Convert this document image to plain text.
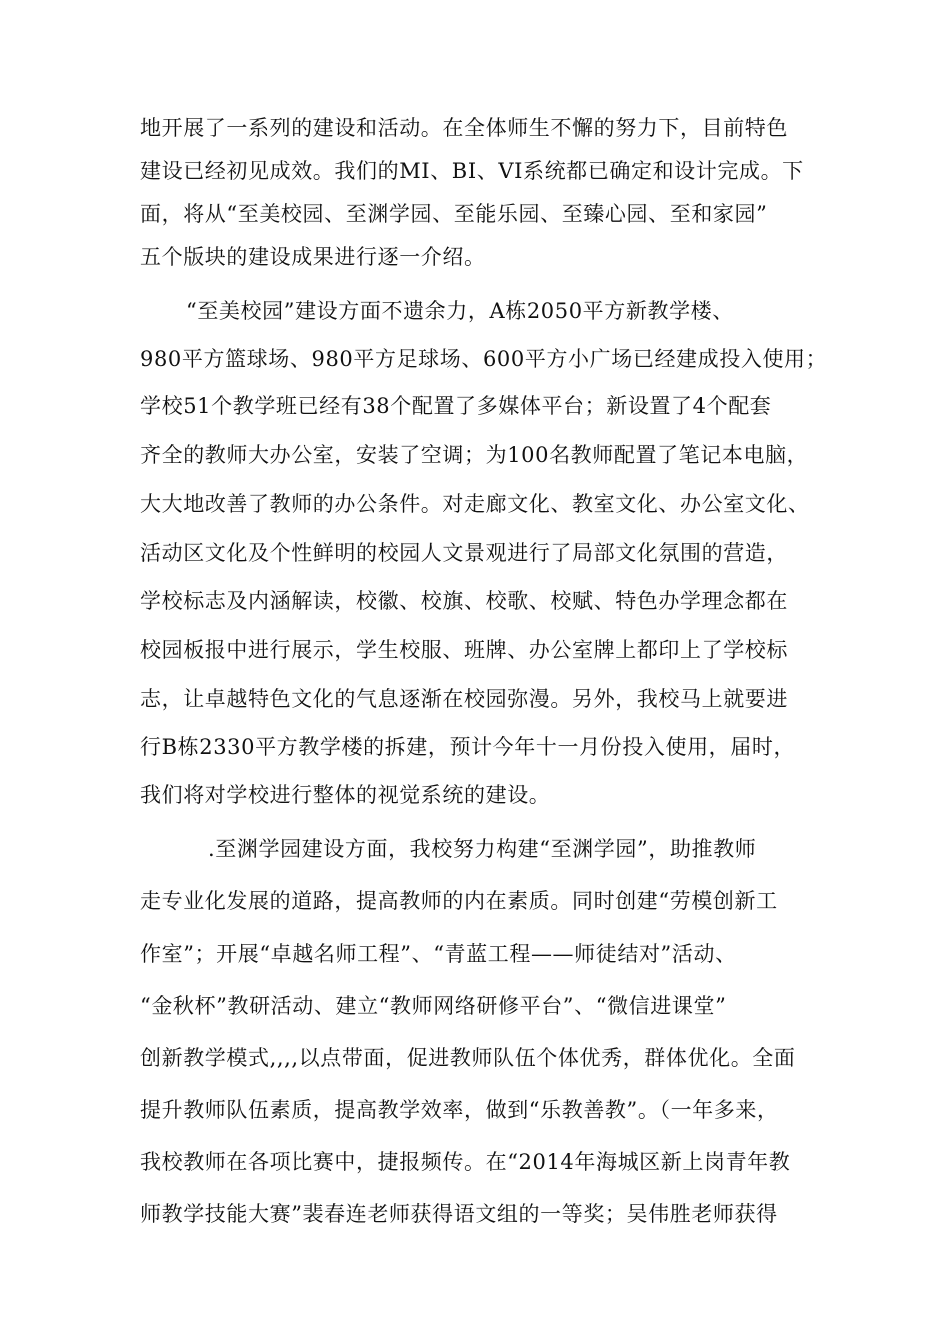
地开展了一系列的建设和活动。在全体师生不懈的努力下，目前特色
建设已经初见成效。我们的MI、BI、VI系统都已确定和设计完成。下
面，将从“至美校园、至渊学园、至能乐园、至臻心园、至和家园”
五个版块的建设成果进行逐一介绍。
“至美校园”建设方面不遗余力，A栋2050平方新教学楼、
980平方篮球场、980平方足球场、600平方小广场已经建成投入使用；
学校51个教学班已经有38个配置了多媒体平台；新设置了4个配套
齐全的教师大办公室，安装了空调；为100名教师配置了笔记本电脑，
大大地改善了教师的办公条件。对走廊文化、教室文化、办公室文化、
活动区文化及个性鲜明的校园人文景观进行了局部文化氛围的营造，
学校标志及内涵解读，校徽、校旗、校歌、校赋、特色办学理念都在
校园板报中进行展示，学生校服、班牌、办公室牌上都印上了学校标
志，让卓越特色文化的气息逐渐在校园弥漫。另外，我校马上就要进
行B栋2330平方教学楼的拆建，预计今年十一月份投入使用，届时，
我们将对学校进行整体的视觉系统的建设。
.至渊学园建设方面，我校努力构建“至渊学园”，助推教师
走专业化发展的道路，提高教师的内在素质。同时创建“劳模创新工
作室”；开展“卓越名师工程”、“青蓝工程——师徒结对”活动、
“金秋杯”教研活动、建立“教师网络研修平台”、“微信进课堂”
创新教学模式,,,,以点带面，促进教师队伍个体优秀，群体优化。全面
提升教师队伍素质，提高教学效率，做到“乐教善教”。（一年多来，
我校教师在各项比赛中，捷报频传。在“2014年海城区新上岗青年教
师教学技能大赛”裴春连老师获得语文组的一等奖；吴伟胜老师获得
